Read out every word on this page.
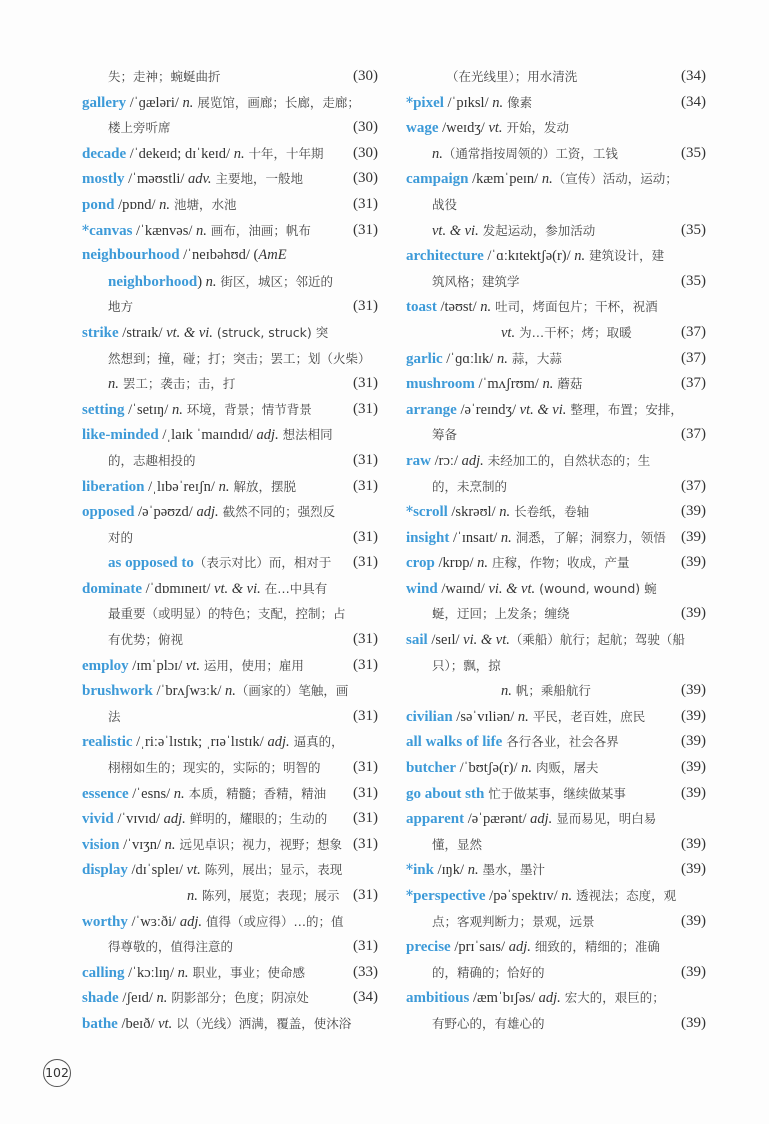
失；走神；蜿蜒曲折	(30)
gallery /ˈɡæləri/ n. 展览馆，画廊；长廊，走廊；
楼上旁听席	(30)
decade /ˈdekeɪd; dɪˈkeɪd/ n. 十年，十年期 (30)
mostly /ˈməʊstli/ adv. 主要地，一般地	(30)
pond /pɒnd/ n. 池塘，水池	(31)
*canvas /ˈkænvəs/ n. 画布，油画；帆布	(31)
neighbourhood /ˈneɪbəhʊd/ (AmE
neighborhood) n. 街区，城区；邻近的
地方	(31)
strike /straɪk/ vt. & vi. (struck, struck) 突
然想到；撞，碰；打；突击；罢工；划（火柴）
n. 罢工；袭击；击，打	(31)
setting /ˈsetɪŋ/ n. 环境，背景；情节背景	(31)
like-minded /ˌlaɪk ˈmaɪndɪd/ adj. 想法相同
的，志趣相投的	(31)
liberation /ˌlɪbəˈreɪʃn/ n. 解放，摆脱	(31)
opposed /əˈpəʊzd/ adj. 截然不同的；强烈反
对的	(31)
as opposed to（表示对比）而，相对于 (31)
dominate /ˈdɒmɪneɪt/ vt. & vi. 在…中具有
最重要（或明显）的特色；支配，控制；占
有优势；俯视	(31)
employ /ɪmˈplɔɪ/ vt. 运用，使用；雇用	(31)
brushwork /ˈbrʌʃwɜːk/ n.（画家的）笔触，画
法	(31)
realistic /ˌriːəˈlɪstɪk; ˌrɪəˈlɪstɪk/ adj. 逼真的，
栩栩如生的；现实的，实际的；明智的 (31)
essence /ˈesns/ n. 本质，精髓；香精，精油 (31)
vivid /ˈvɪvɪd/ adj. 鲜明的，耀眼的；生动的 (31)
vision /ˈvɪʒn/ n. 远见卓识；视力，视野；想象 (31)
display /dɪˈspleɪ/ vt. 陈列，展出；显示，表现
n. 陈列，展览；表现；展示 (31)
worthy /ˈwɜːði/ adj. 值得（或应得）…的；值
得尊敬的，值得注意的	(31)
calling /ˈkɔːlɪŋ/ n. 职业，事业；使命感	(33)
shade /ʃeɪd/ n. 阴影部分；色度；阴凉处	(34)
bathe /beɪð/ vt. 以（光线）洒满，覆盖，使沐浴
（在光线里）；用水清洗	(34)
*pixel /ˈpɪksl/ n. 像素	(34)
wage /weɪdʒ/ vt. 开始，发动
n.（通常指按周领的）工资，工钱	(35)
campaign /kæmˈpeɪn/ n.（宣传）活动，运动；
战役
vt. & vi. 发起运动，参加活动	(35)
architecture /ˈɑːkɪtektʃə(r)/ n. 建筑设计，建
筑风格；建筑学	(35)
toast /təʊst/ n. 吐司，烤面包片；干杯，祝酒
vt. 为…干杯；烤；取暖	(37)
garlic /ˈɡɑːlɪk/ n. 蒜，大蒜	(37)
mushroom /ˈmʌʃrʊm/ n. 蘑菇	(37)
arrange /əˈreɪndʒ/ vt. & vi. 整理，布置；安排，
筹备	(37)
raw /rɔː/ adj. 未经加工的，自然状态的；生
的，未烹制的	(37)
*scroll /skrəʊl/ n. 长卷纸，卷轴	(39)
insight /ˈɪnsaɪt/ n. 洞悉，了解；洞察力，领悟 (39)
crop /krɒp/ n. 庄稼，作物；收成，产量	(39)
wind /waɪnd/ vi. & vt. (wound, wound) 蜿
蜒，迂回；上发条；缠绕	(39)
sail /seɪl/ vi. & vt.（乘船）航行；起航；驾驶（船
只）；飘，掠
n. 帆；乘船航行	(39)
civilian /səˈvɪliən/ n. 平民，老百姓，庶民 (39)
all walks of life 各行各业，社会各界	(39)
butcher /ˈbʊtʃə(r)/ n. 肉贩，屠夫	(39)
go about sth 忙于做某事，继续做某事	(39)
apparent /əˈpærənt/ adj. 显而易见，明白易
懂，显然	(39)
*ink /ɪŋk/ n. 墨水，墨汁	(39)
*perspective /pəˈspektɪv/ n. 透视法；态度，观
点；客观判断力；景观，远景	(39)
precise /prɪˈsaɪs/ adj. 细致的，精细的；准确
的，精确的；恰好的	(39)
ambitious /æmˈbɪʃəs/ adj. 宏大的，艰巨的；
有野心的，有雄心的	(39)
102
